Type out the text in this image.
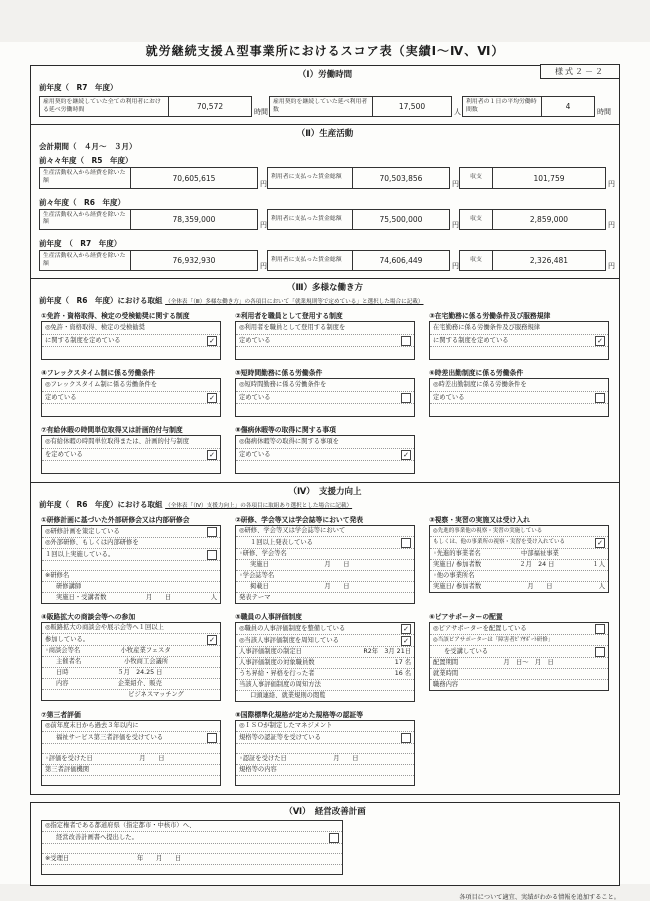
様式２－２
就労継続支援Ａ型事業所におけるスコア表（実績Ⅰ～Ⅳ、Ⅵ）
（Ⅰ）労働時間
前年度（　R7　年度）
雇用契約を継続していた全ての利用者における延べ労働時間	70,572
時間
雇用契約を継続していた延べ利用者数	17,500
人
利用者の１日の平均労働時間数	4
時間
（Ⅱ）生産活動
会計期間（　４月～　３月）
前々々年度（　R5　年度）
生産活動収入から経費を除いた額	70,605,615
円
利用者に支払った賃金総額	70,503,856
円
収支	101,759
円
前々年度（　R6　年度）
生産活動収入から経費を除いた額	78,359,000
円
利用者に支払った賃金総額	75,500,000
円
収支	2,859,000
円
前年度　（　R7　年度）
生産活動収入から経費を除いた額	76,932,930
円
利用者に支払った賃金総額	74,606,449
円
収支	2,326,481
円
（Ⅲ）多様な働き方
前年度（　R6　年度）における取組 （全体表「（Ⅲ）多様な働き方」の各項目において「就業規則等で定めている」と選択した場合に記載）
①免許・資格取得、検定の受検勧奨に関する制度
◎免許・資格取得、検定の受検勧奨
に関する制度を定めている	✓
②利用者を職員として登用する制度
◎利用者を職員として登用する制度を
定めている
③在宅勤務に係る労働条件及び服務規律
在宅勤務に係る労働条件及び服務規律
に関する制度を定めている	✓
④フレックスタイム制に係る労働条件
◎フレックスタイム制に係る労働条件を
定めている	✓
⑤短時間勤務に係る労働条件
◎短時間勤務に係る労働条件を
定めている
⑥時差出勤制度に係る労働条件
◎時差出勤制度に係る労働条件を
定めている
⑦有給休暇の時間単位取得又は計画的付与制度
◎有給休暇の時間単位取得または、計画的付与制度
を定めている	✓
⑧傷病休暇等の取得に関する事項
◎傷病休暇等の取得に関する事項を
定めている	✓
（Ⅳ）　支援力向上
前年度（　R6　年度）における取組 （全体表「（Ⅳ）支援力向上」の各項目に取組あり選択とした場合に記載）
①研修計画に基づいた外部研修会又は内部研修会
◎研修計画を策定している
◎外部研修、もしくは内部研修を
１回以上実施している。
※研修名
研修講師
実施日・受講者数	月　　日	人
②研修、学会等又は学会誌等において発表
◎研修、学会等又は学会誌等において
１回以上発表している
◦研修、学会等名
実施日	月　　日
◦学会誌等名
掲載日	月　　日
発表テーマ
③視察・実習の実施又は受け入れ
◎先進的事業他の視察・実習の実施している
もしくは、他の事業所の視察・実習を受け入れている	✓
◦先進的事業者名	中部福祉事業
実施日/ 参加者数	２月　24 日	１人
◦他の事業所名
実施日/ 参加者数	月　　日	人
④販路拡大の商談会等への参加
◎販路拡大の商談会や展示会等へ１回以上
参加している。	✓
◦商談会等名	小牧産業フェスタ
主催者名	小牧商工会議所
日時	５月　24.25 日
内容	企業紹介、販売
ビジネスマッチング
⑤職員の人事評価制度
◎職員の人事評価制度を整備している	✓
◎当該人事評価制度を周知している	✓
人事評価制度の制定日	R2年　3月 21日
人事評価制度の対象職員数	17 名
うち昇給・昇格を行った者	16 名
当該人事評価制度の周知方法
口頭連絡、就業規則の閲覧
⑥ピアサポーターの配置
◎ピアサポーターを配置している
◎当該ピアサポーターは「障害者ﾋﾟｱｻﾎﾟｰﾄ研修」
を受講している
配置期間	月　日～　月　日
就業時間
職務内容
⑦第三者評価
◎前年度末日から過去３年以内に
福祉サービス第三者評価を受けている
◦評価を受けた日	月　　日
第三者評価機関
⑧国際標準化規格が定めた規格等の認証等
◎ＩＳＯが制定したマネジメント
規格等の認証等を受けている
◦認証を受けた日	月　　日
規格等の内容
（Ⅵ）　経営改善計画
◎指定権者である都道府県（指定都市・中核市）へ、
経営改善計画書へ提出した。
※受理日	年　　月　　日
各項目について適宜、実績がわかる情報を追加すること。
